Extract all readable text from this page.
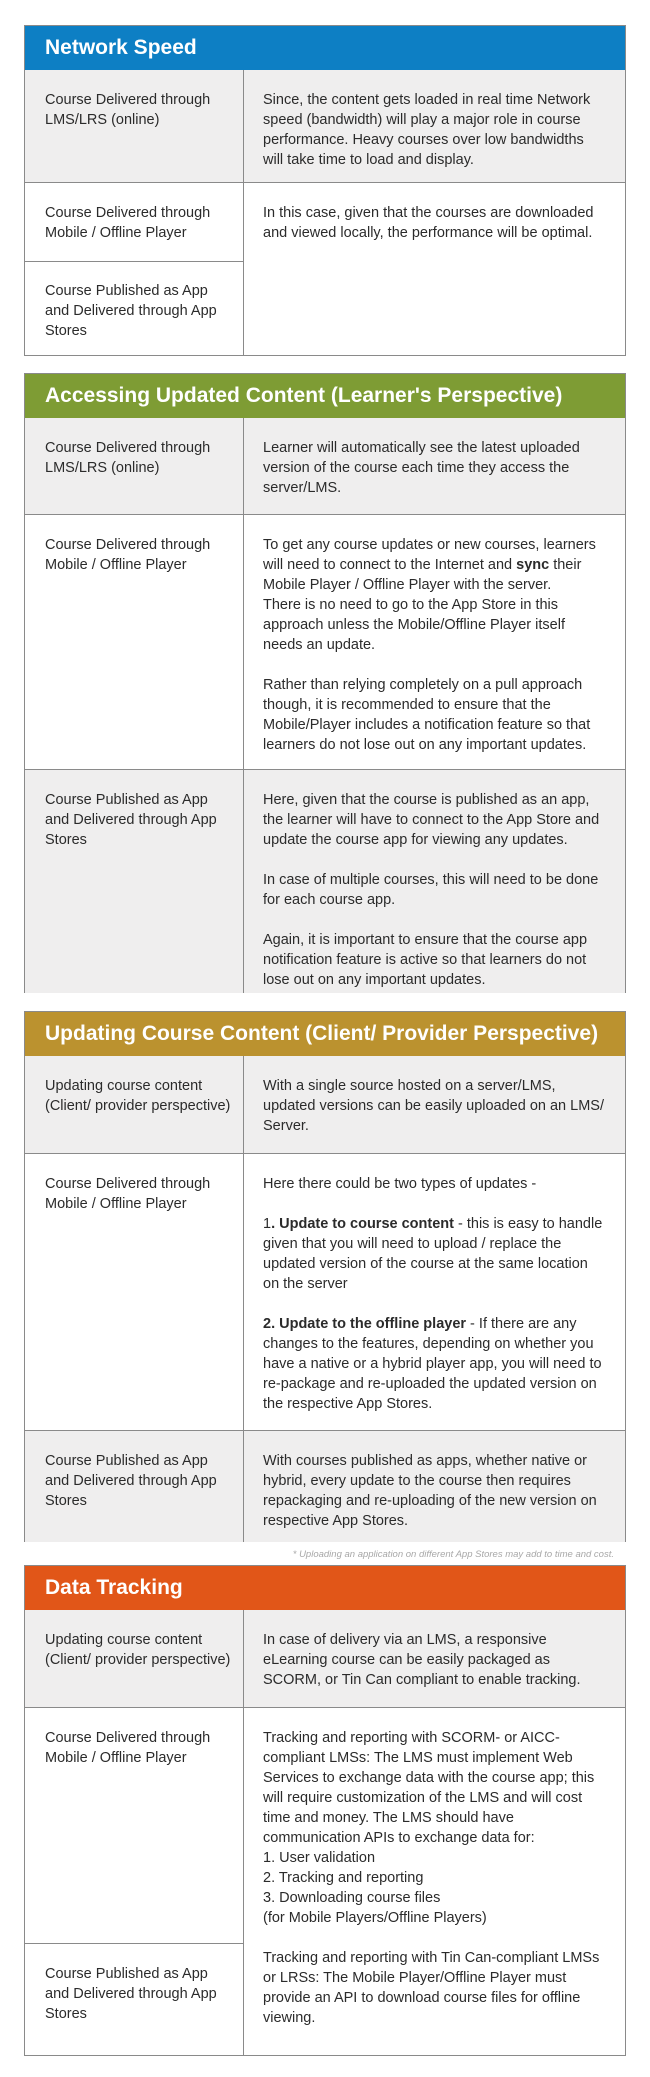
Network Speed

Course Delivered through LMS/LRS (online)

Since, the content gets loaded in real time Network speed (bandwidth) will play a major role in course performance. Heavy courses over low bandwidths will take time to load and display.

Course Delivered through Mobile / Offline Player

Course Published as App and Delivered through App Stores

In this case, given that the courses are downloaded and viewed locally, the performance will be optimal.

Accessing Updated Content (Learner's Perspective)

Course Delivered through LMS/LRS (online)

Learner will automatically see the latest uploaded version of the course each time they access the server/LMS.

Course Delivered through Mobile / Offline Player

To get any course updates or new courses, learners will need to connect to the Internet and sync their Mobile Player / Offline Player with the server.

There is no need to go to the App Store in this approach unless the Mobile/Offline Player itself needs an update.

Rather than relying completely on a pull approach though, it is recommended to ensure that the Mobile/Player includes a notification feature so that learners do not lose out on any important updates.

Course Published as App and Delivered through App Stores

Here, given that the course is published as an app, the learner will have to connect to the App Store and update the course app for viewing any updates.

In case of multiple courses, this will need to be done for each course app.

Again, it is important to ensure that the course app notification feature is active so that learners do not lose out on any important updates.

Updating Course Content (Client/ Provider Perspective)

Updating course content (Client/ provider perspective)

With a single source hosted on a server/LMS, updated versions can be easily uploaded on an LMS/ Server.

Course Delivered through Mobile / Offline Player

Here there could be two types of updates -

1. Update to course content - this is easy to handle given that you will need to upload / replace the updated version of the course at the same location on the server

2. Update to the offline player - If there are any changes to the features, depending on whether you have a native or a hybrid player app, you will need to re-package and re-uploaded the updated version on the respective App Stores.

Course Published as App and Delivered through App Stores

With courses published as apps, whether native or hybrid, every update to the course then requires repackaging and re-uploading of the new version on respective App Stores.

* Uploading an application on different App Stores may add to time and cost.
Data Tracking

Updating course content (Client/ provider perspective)

In case of delivery via an LMS, a responsive eLearning course can be easily packaged as SCORM, or Tin Can compliant to enable tracking.

Course Delivered through Mobile / Offline Player

Course Published as App and Delivered through App Stores

Tracking and reporting with SCORM- or AICC-compliant LMSs: The LMS must implement Web Services to exchange data with the course app; this will require customization of the LMS and will cost time and money. The LMS should have communication APIs to exchange data for:

1. User validation

2. Tracking and reporting

3. Downloading course files

(for Mobile Players/Offline Players)

Tracking and reporting with Tin Can-compliant LMSs or LRSs: The Mobile Player/Offline Player must provide an API to download course files for offline viewing.
